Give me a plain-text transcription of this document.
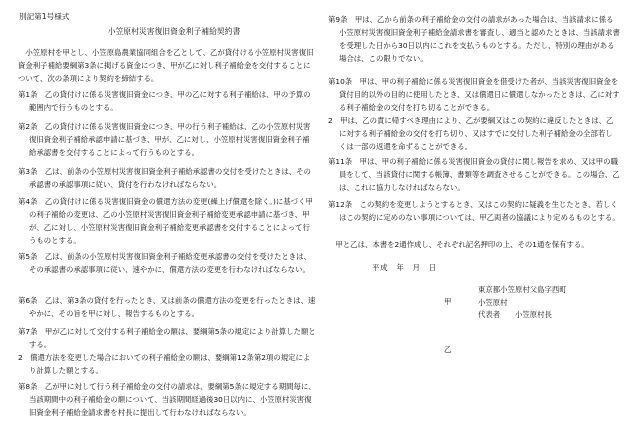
別記第1号様式
小笠原村災害復旧資金利子補給契約書

小笠原村を甲とし、小笠原島農業協同組合を乙として、乙が貸付ける小笠原村災害復旧資金利子補給要綱第3条に掲げる資金につき、甲が乙に対し利子補給金を交付することについて、次の条項により契約を締結する。

第1条　乙の貸付けに係る災害復旧資金につき、甲の乙に対する利子補給は、甲の予算の範囲内で行うものとする。

第2条　乙の貸付けに係る災害復旧資金につき、甲の行う利子補給は、乙の小笠原村災害復旧資金利子補給承認申請に基づき、甲が、乙に対し、小笠原村災害復旧資金利子補給承認書を交付することによって行うものとする。

第3条　乙は、前条の小笠原村災害復旧資金利子補給承認書の交付を受けたときは、その承認書の承認事項に従い、貸付を行わなければならない。

第4条　乙の貸付けに係る災害復旧資金の償還方法の変更(繰上げ償還を除く。)に基づく甲の利子補給の変更は、乙の小笠原村災害復旧資金利子補給変更承認申請に基づき、甲が、乙に対し、小笠原村災害復旧資金利子補給変更承認書を交付することによって行うものとする。

第5条　乙は、前条の小笠原村災害復旧資金利子補給変更承認書の交付を受けたときは、その承認書の承認事項に従い、速やかに、償還方法の変更を行わなければならない。

第6条　乙は、第3条の貸付を行ったとき、又は前条の償還方法の変更を行ったときは、速やかに、その旨を甲に対し、報告するものとする。

第7条　甲が乙に対して交付する利子補給金の額は、要綱第5条の規定により計算した額とする。

2　償還方法を変更した場合においての利子補給金の額は、要綱第12条第2項の規定により計算した額とする。

第8条　乙が甲に対して行う利子補給金の交付の請求は、要綱第5条に規定する期間毎に、当該期間中の利子補給金の額について、当該期間経過後30日以内に、小笠原村災害復旧資金利子補給金請求書を村長に提出して行わなければならない。

第9条　甲は、乙から前条の利子補給金の交付の請求があった場合は、当該請求に係る小笠原村災害復旧資金利子補給金請求書を審査し、適当と認めたときは、当該請求書を受理した日から30日以内にこれを支払うものとする。ただし、特別の理由がある場合は、この限りでない。

第10条　甲は、甲の利子補給に係る災害復旧資金を借受けた者が、当該災害復旧資金を貸付目的以外の目的に使用したとき、又は償還日に償還しなかったときは、乙に対する利子補給金の交付を打ち切ることができる。

2　甲は、乙の責に帰すべき理由により、乙が要綱又はこの契約に違反したときは、乙に対する利子補給金の交付を打ち切り、又はすでに交付した利子補給金の全部若しくは一部の返還を命ずることができる。

第11条　甲は、甲の利子補給に係る災害復旧資金の貸付に関し報告を求め、又は甲の職員をして、当該貸付に関する帳簿、書類等を調査させることができる。この場合、乙は、これに協力しなければならない。

第12条　この契約を変更しようとするとき、又はこの契約に疑義を生じたとき、若しくはこの契約に定めのない事項については、甲乙両者の協議により定めるものとする。

甲と乙は、本書を2通作成し、それぞれ記名押印の上、その1通を保有する。
平成　年　月　日
甲
東京都小笠原村父島字西町
小笠原村
代表者　　小笠原村長
乙
